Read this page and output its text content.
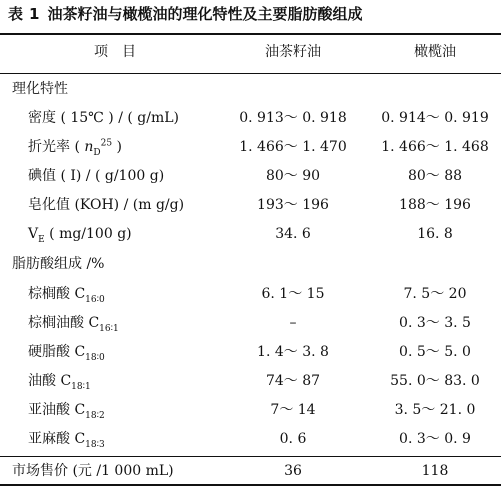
表 1 油茶籽油与橄榄油的理化特性及主要脂肪酸组成
项　目	油茶籽油	橄榄油
理化特性
密度 ( 15℃ ) / ( g/mL)	0. 913～ 0. 918	0. 914～ 0. 919
折光率 ( $n_D^{25}$ )	1. 466～ 1. 470	1. 466～ 1. 468
碘值 ( I) / ( g/100 g)	80～ 90	80～ 88
皂化值 (KOH) / (m g/g)	193～ 196	188～ 196
$V_E$ ( mg/100 g)	34. 6	16. 8
脂肪酸组成 /%
棕榈酸 $C_{16∶0}$	6. 1～ 15	7. 5～ 20
棕榈油酸 $C_{16∶1}$	–	0. 3～ 3. 5
硬脂酸 $C_{18∶0}$	1. 4～ 3. 8	0. 5～ 5. 0
油酸 $C_{18∶1}$	74～ 87	55. 0～ 83. 0
亚油酸 $C_{18∶2}$	7～ 14	3. 5～ 21. 0
亚麻酸 $C_{18∶3}$	0. 6	0. 3～ 0. 9
市场售价 (元 /1 000 mL)	36	118
